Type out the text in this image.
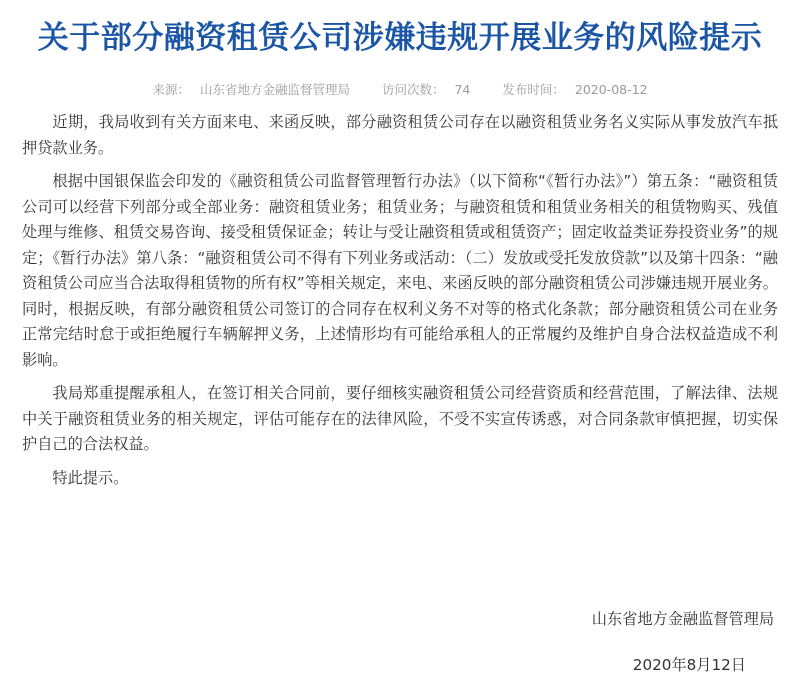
关于部分融资租赁公司涉嫌违规开展业务的风险提示
来源： 山东省地方金融监督管理局	访问次数： 74	发布时间： 2020-08-12

近期，我局收到有关方面来电、来函反映，部分融资租赁公司存在以融资租赁业务名义实际从事发放汽车抵押贷款业务。

根据中国银保监会印发的《融资租赁公司监督管理暂行办法》（以下简称“《暂行办法》”）第五条：“融资租赁公司可以经营下列部分或全部业务：融资租赁业务；租赁业务；与融资租赁和租赁业务相关的租赁物购买、残值处理与维修、租赁交易咨询、接受租赁保证金；转让与受让融资租赁或租赁资产；固定收益类证券投资业务”的规定；《暂行办法》第八条：“融资租赁公司不得有下列业务或活动：（二）发放或受托发放贷款”以及第十四条：“融资租赁公司应当合法取得租赁物的所有权”等相关规定，来电、来函反映的部分融资租赁公司涉嫌违规开展业务。同时，根据反映，有部分融资租赁公司签订的合同存在权利义务不对等的格式化条款；部分融资租赁公司在业务正常完结时怠于或拒绝履行车辆解押义务，上述情形均有可能给承租人的正常履约及维护自身合法权益造成不利影响。

我局郑重提醒承租人，在签订相关合同前，要仔细核实融资租赁公司经营资质和经营范围，了解法律、法规中关于融资租赁业务的相关规定，评估可能存在的法律风险，不受不实宣传诱惑，对合同条款审慎把握，切实保护自己的合法权益。

特此提示。

山东省地方金融监督管理局
2020年8月12日
